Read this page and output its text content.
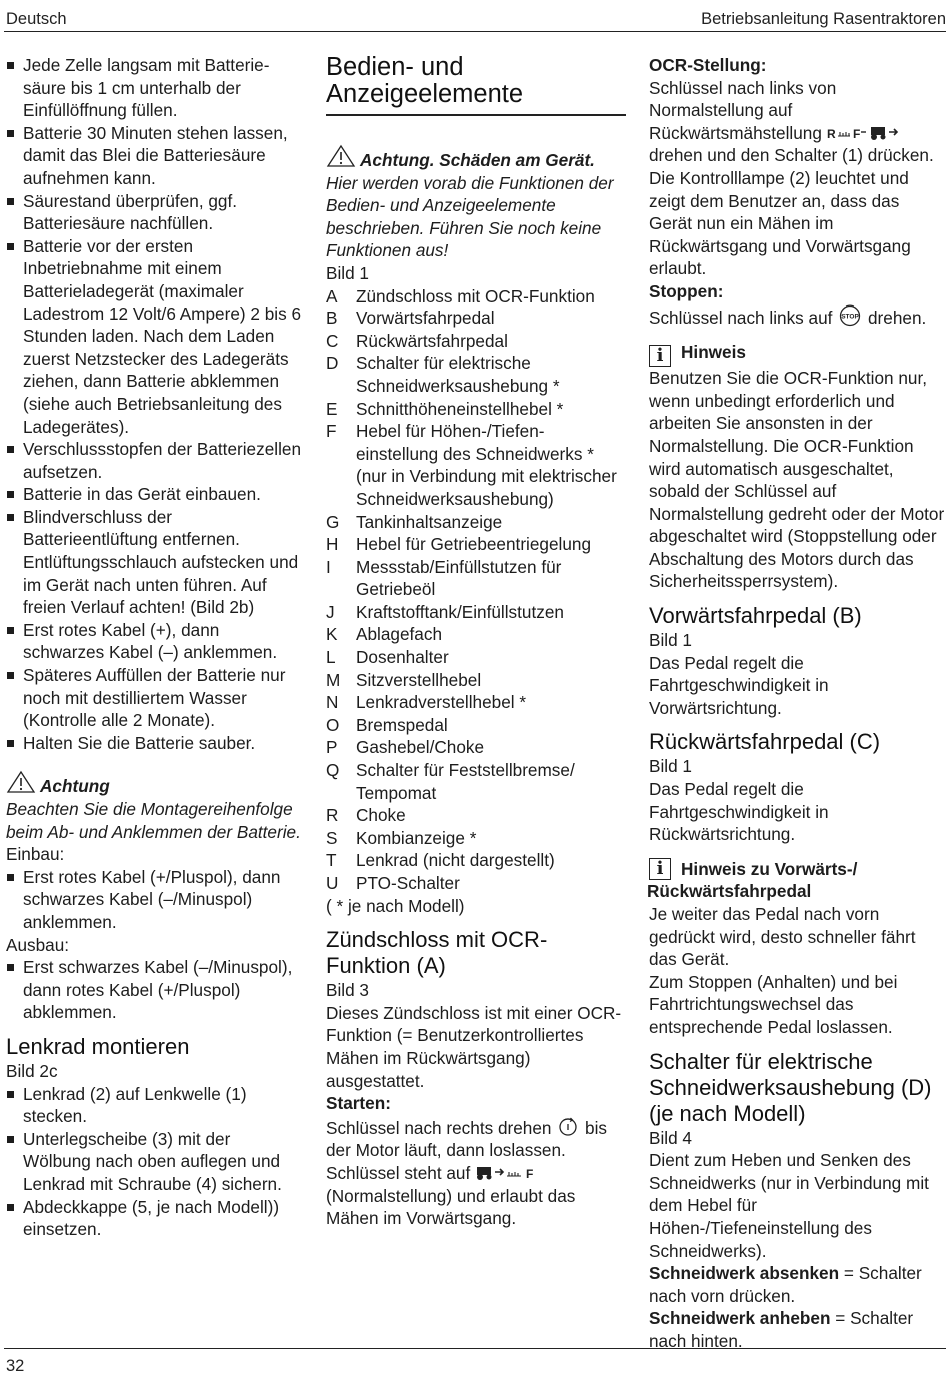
Deutsch	Betriebsanleitung Rasentraktoren
Jede Zelle langsam mit Batterie-säure bis 1 cm unterhalb der Einfüllöffnung füllen.
Batterie 30 Minuten stehen lassen, damit das Blei die Batteriesäure aufnehmen kann.
Säurestand überprüfen, ggf. Batteriesäure nachfüllen.
Batterie vor der ersten Inbetriebnahme mit einem Batterieladegerät (maximaler Ladestrom 12 Volt/6 Ampere) 2 bis 6 Stunden laden. Nach dem Laden zuerst Netzstecker des Ladegeräts ziehen, dann Batterie abklemmen (siehe auch Betriebsanleitung des Ladegerätes).
Verschlussstopfen der Batteriezellen aufsetzen.
Batterie in das Gerät einbauen.
Blindverschluss der Batterieentlüftung entfernen. Entlüftungsschlauch aufstecken und im Gerät nach unten führen. Auf freien Verlauf achten! (Bild 2b)
Erst rotes Kabel (+), dann schwarzes Kabel (–) anklemmen.
Späteres Auffüllen der Batterie nur noch mit destilliertem Wasser (Kontrolle alle 2 Monate).
Halten Sie die Batterie sauber.
Achtung
Beachten Sie die Montagereihenfolge beim Ab- und Anklemmen der Batterie.
Einbau:
Erst rotes Kabel (+/Pluspol), dann schwarzes Kabel (–/Minuspol) anklemmen.
Ausbau:
Erst schwarzes Kabel (–/Minuspol), dann rotes Kabel (+/Pluspol) abklemmen.
Lenkrad montieren
Bild 2c
Lenkrad (2) auf Lenkwelle (1) stecken.
Unterlegscheibe (3) mit der Wölbung nach oben auflegen und Lenkrad mit Schraube (4) sichern.
Abdeckkappe (5, je nach Modell)) einsetzen.
Bedien- und Anzeigeelemente
Achtung. Schäden am Gerät.
Hier werden vorab die Funktionen der Bedien- und Anzeigeelemente beschrieben. Führen Sie noch keine Funktionen aus!
Bild 1
A	Zündschloss mit OCR-Funktion
B	Vorwärtsfahrpedal
C	Rückwärtsfahrpedal
D	Schalter für elektrische Schneidwerksaushebung *
E	Schnitthöheneinstellhebel *
F	Hebel für Höhen-/Tiefen-einstellung des Schneidwerks * (nur in Verbindung mit elektrischer Schneidwerksaushebung)
G Tankinhaltsanzeige
H	Hebel für Getriebeentriegelung
I	Messstab/Einfüllstutzen für Getriebeöl
J	Kraftstofftank/Einfüllstutzen
K	Ablagefach
L	Dosenhalter
M Sitzverstellhebel
N	Lenkradverstellhebel *
O Bremspedal
P	Gashebel/Choke
Q Schalter für Feststellbremse/ Tempomat
R	Choke
S	Kombianzeige *
T	Lenkrad (nicht dargestellt)
U	PTO-Schalter
( * je nach Modell)
Zündschloss mit OCR-Funktion (A)
Bild 3
Dieses Zündschloss ist mit einer OCR-Funktion (= Benutzerkontrolliertes Mähen im Rückwärtsgang) ausgestattet.
Starten:
Schlüssel nach rechts drehen bis der Motor läuft, dann loslassen. Schlüssel steht auf	F
(Normalstellung) und erlaubt das Mähen im Vorwärtsgang.
OCR-Stellung:
Schlüssel nach links von Normalstellung auf Rückwärtsmähstellung R F
drehen und den Schalter (1) drücken.
Die Kontrolllampe (2) leuchtet und zeigt dem Benutzer an, dass das Gerät nun ein Mähen im Rückwärtsgang und Vorwärtsgang erlaubt.
Stoppen:
Schlüssel nach links auf STOP drehen.
i Hinweis
Benutzen Sie die OCR-Funktion nur, wenn unbedingt erforderlich und arbeiten Sie ansonsten in der Normalstellung. Die OCR-Funktion wird automatisch ausgeschaltet, sobald der Schlüssel auf Normalstellung gedreht oder der Motor abgeschaltet wird (Stoppstellung oder Abschaltung des Motors durch das Sicherheitssperrsystem).
Vorwärtsfahrpedal (B)
Bild 1
Das Pedal regelt die Fahrtgeschwindigkeit in Vorwärtsrichtung.
Rückwärtsfahrpedal (C)
Bild 1
Das Pedal regelt die Fahrtgeschwindigkeit in Rückwärtsrichtung.
i	Hinweis zu Vorwärts-/ Rückwärtsfahrpedal
Je weiter das Pedal nach vorn gedrückt wird, desto schneller fährt das Gerät.
Zum Stoppen (Anhalten) und bei Fahrtrichtungswechsel das entsprechende Pedal loslassen.
Schalter für elektrische Schneidwerksaushebung (D) (je nach Modell)
Bild 4
Dient zum Heben und Senken des Schneidwerks (nur in Verbindung mit dem Hebel für Höhen-/Tiefeneinstellung des Schneidwerks).
Schneidwerk absenken = Schalter nach vorn drücken.
Schneidwerk anheben = Schalter nach hinten.
32
